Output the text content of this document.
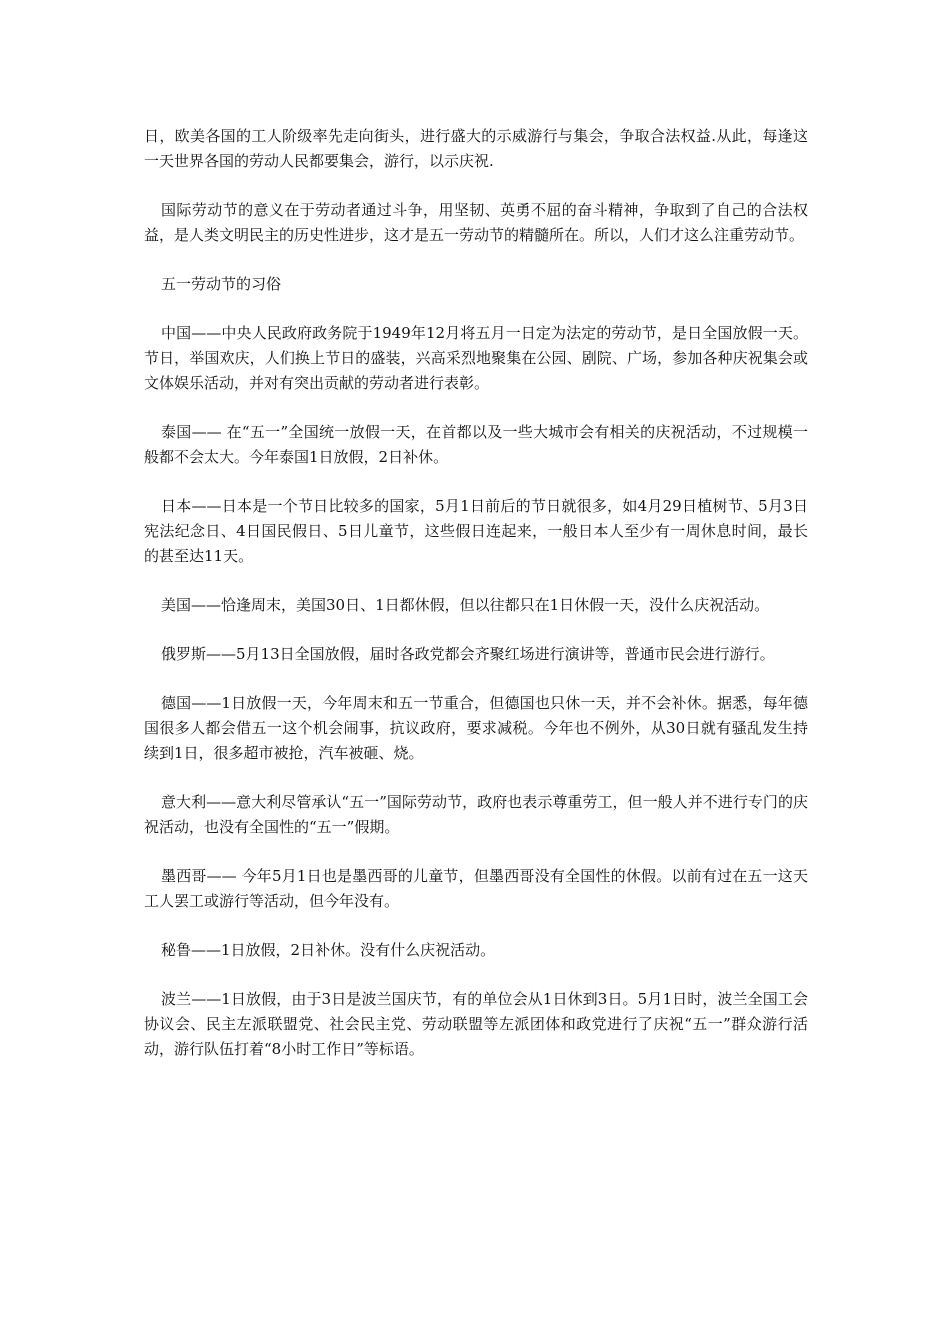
日，欧美各国的工人阶级率先走向街头，进行盛大的示威游行与集会，争取合法权益.从此，每逢这一天世界各国的劳动人民都要集会，游行，以示庆祝.

国际劳动节的意义在于劳动者通过斗争，用坚韧、英勇不屈的奋斗精神，争取到了自己的合法权益，是人类文明民主的历史性进步，这才是五一劳动节的精髓所在。所以，人们才这么注重劳动节。

五一劳动节的习俗

中国——中央人民政府政务院于1949年12月将五月一日定为法定的劳动节，是日全国放假一天。节日，举国欢庆，人们换上节日的盛装，兴高采烈地聚集在公园、剧院、广场，参加各种庆祝集会或文体娱乐活动，并对有突出贡献的劳动者进行表彰。

泰国—— 在“五一”全国统一放假一天，在首都以及一些大城市会有相关的庆祝活动，不过规模一般都不会太大。今年泰国1日放假，2日补休。

日本——日本是一个节日比较多的国家，5月1日前后的节日就很多，如4月29日植树节、5月3日宪法纪念日、4日国民假日、5日儿童节，这些假日连起来，一般日本人至少有一周休息时间，最长的甚至达11天。

美国——恰逢周末，美国30日、1日都休假，但以往都只在1日休假一天，没什么庆祝活动。

俄罗斯——5月13日全国放假，届时各政党都会齐聚红场进行演讲等，普通市民会进行游行。

德国——1日放假一天，今年周末和五一节重合，但德国也只休一天，并不会补休。据悉，每年德国很多人都会借五一这个机会闹事，抗议政府，要求减税。今年也不例外，从30日就有骚乱发生持续到1日，很多超市被抢，汽车被砸、烧。

意大利——意大利尽管承认“五一”国际劳动节，政府也表示尊重劳工，但一般人并不进行专门的庆祝活动，也没有全国性的“五一”假期。

墨西哥—— 今年5月1日也是墨西哥的儿童节，但墨西哥没有全国性的休假。以前有过在五一这天工人罢工或游行等活动，但今年没有。

秘鲁——1日放假，2日补休。没有什么庆祝活动。

波兰——1日放假，由于3日是波兰国庆节，有的单位会从1日休到3日。5月1日时，波兰全国工会协议会、民主左派联盟党、社会民主党、劳动联盟等左派团体和政党进行了庆祝“五一”群众游行活动，游行队伍打着“8小时工作日”等标语。
